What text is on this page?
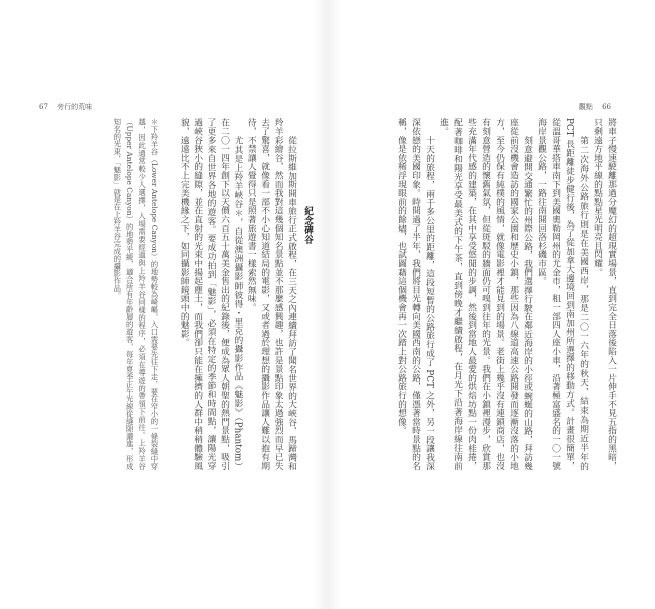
67 旁行的荒味	觀點 66

將車子慢速駛離那過分魔幻的超現實場景，直到完全日落後陷入一片伸手不見五指的黑暗，只剩遠方地平線的點點星光明亮且閃耀。

第二次海外公路旅行則是在美國西岸，那是二〇一六年的秋天，結束為期近半年的 PCT 長距離徒步健行後，為了從加拿大邊境回到南加州所選擇的移動方式。計畫很簡單，從溫哥華搭車南下到美國奧勒岡州的尤金市，租一部四人座小車，沿著極富盛名的一〇一號海岸景觀公路，一路往南開回洛杉磯市區。

刻意避開交通繁忙的州際公路，我們選擇行駛在鄰近海岸的小徑或蜿蜒的山路，拜訪幾座從前沒機會造訪的國家公園和歷史小鎮，那些因為八線道高速公路開發而逐漸沒落的小地方，至今仍保有純樸的風情，就像電影裡才能見到的場景。老街上幾乎沒有連鎖商店，也沒有刻意營造的懷舊氣氛，但從斑駁的牆面仍可嗅到往年的光景。我們在小鎮裡漫步，欣賞那些充滿年代感的建築，在其中享受悠閒的步調，然後到當地人最愛的烘焙坊點一份肉桂捲，配著咖啡和陽光享受最美式的下午茶，直到傍晚才繼續啟程，在月光下沿著海岸線往南前進。

十天的旅程，兩千多公里的距離，這段短暫的公路旅行成了 PCT 之外，另一段讓我深深依戀的美國印象。時間過了半年，我們將目光轉向美國西南的公路，僅憑著當時景點的名稱，像是依稀浮現眼前的餘燼，也試圖藉這個機會再一次踏上對公路旅行的想像。

紀念碑谷

從拉斯維加斯開車旅行正式啟程，在三天之內連續拜訪了聞名世界的大峽谷、馬蹄灣和羚羊彩繪谷，然而我對這幾個知名景點並不那麼感興趣，也許是景點印象太過強烈而早已失去了驚喜，就像看一部不小心知道結局的電影，又或者過於理想的攝影作品讓人難以抱有期待，不禁讓人覺得只是照著旅遊書一樣索然無味。

尤其是上羚羊峽谷＊，自從澳洲攝影師彼得・里克的攝影作品《魅影》（Phantom）在二〇一四年創下以天價六百五十萬美金售出的紀錄後，便成為眾人朝聖的熱門景點，吸引了更多來自世界各地的遊客。要成功拍到「魅影」，必須在特定的季節和時間點，讓陽光穿過峽谷狹小的縫隙，並在直射的光束中揚起塵土，而我們卻只能在擁擠的人群中稍稍體驗風貌，遠遠比不上完美機緣之下，如同攝影師鏡頭中的魅影。

＊下羚羊谷（Lower Antelope Canyon）的地勢較為崎嶇，入口需要先往下走，要在窄小的一條裂縫中穿越，因此通常較少人選擇，入場需要經過與上羚羊谷同樣的程序，必須在導遊的帶領下前往。上羚羊谷（Upper Antelope Canyon）的地勢平緩，適合所有年齡層的遊客，每年夏季正午光線從縫隙灑進，形成知名的光束，「魅影」就是在上羚羊谷完成的攝影作品。
